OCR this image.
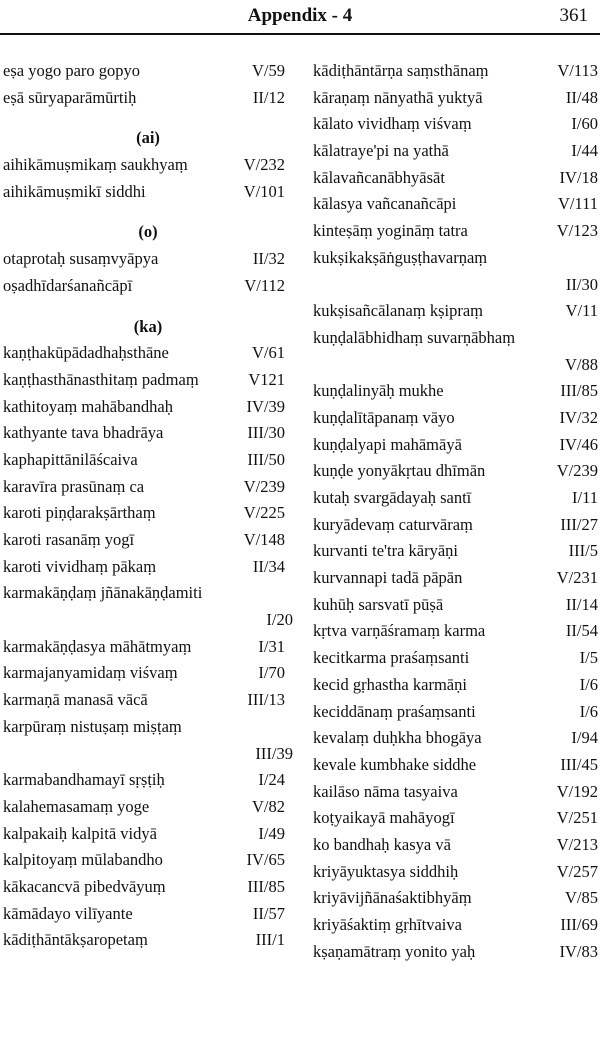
Appendix - 4	361
eṣa yogo paro gopyo	V/59
eṣā sūryaparāmūrtiḥ	II/12
(ai)
aihikāmuṣmikaṃ saukhyaṃ	V/232
aihikāmuṣmikī siddhi	V/101
(o)
otaprotaḥ susaṃvyāpya	II/32
oṣadhīdarśanañcāpī	V/112
(ka)
kaṇṭhakūpādadhaḥsthāne	V/61
kaṇṭhasthānasthitaṃ padmaṃ	V121
kathitoyaṃ mahābandhaḥ	IV/39
kathyante tava bhadrāya	III/30
kaphapittānilāścaiva	III/50
karavīra prasūnaṃ ca	V/239
karoti piṇḍarakṣārthaṃ	V/225
karoti rasanāṃ yogī	V/148
karoti vividhaṃ pākaṃ	II/34
karmakāṇḍaṃ jñānakāṇḍamiti
I/20
karmakāṇḍasya māhātmyaṃ	I/31
karmajanyamidaṃ viśvaṃ	I/70
karmaṇā manasā vācā	III/13
karpūraṃ nistuṣaṃ miṣṭaṃ
III/39
karmabandhamayī sṛṣṭiḥ	I/24
kalahemasamaṃ yoge	V/82
kalpakaiḥ kalpitā vidyā	I/49
kalpitoyaṃ mūlabandho	IV/65
kākacancvā pibedvāyuṃ	III/85
kāmādayo vilīyante	II/57
kādiṭhāntākṣaropetaṃ	III/1
kādiṭhāntārṇa saṃsthānaṃ	V/113
kāraṇaṃ nānyathā yuktyā	II/48
kālato vividhaṃ viśvaṃ	I/60
kālatraye'pi na yathā	I/44
kālavañcanābhyāsāt	IV/18
kālasya vañcanañcāpi	V/111
kinteṣāṃ yogināṃ tatra	V/123
kukṣikakṣāṅguṣṭhavarṇaṃ
II/30
kukṣisañcālanaṃ kṣipraṃ	V/11
kuṇḍalābhidhaṃ suvarṇābhaṃ
V/88
kuṇḍalinyāḥ mukhe	III/85
kuṇḍalītāpanaṃ vāyo	IV/32
kuṇḍalyapi mahāmāyā	IV/46
kuṇḍe yonyākṛtau dhīmān	V/239
kutaḥ svargādayaḥ santī	I/11
kuryādevaṃ caturvāraṃ	III/27
kurvanti te'tra kāryāṇi	III/5
kurvannapi tadā pāpān	V/231
kuhūḥ sarsvatī pūṣā	II/14
kṛtva varṇāśramaṃ karma	II/54
kecitkarma praśaṃsanti	I/5
kecid gṛhastha karmāṇi	I/6
keciddānaṃ praśaṃsanti	I/6
kevalaṃ duḥkha bhogāya	I/94
kevale kumbhake siddhe	III/45
kailāso nāma tasyaiva	V/192
koṭyaikayā mahāyogī	V/251
ko bandhaḥ kasya vā	V/213
kriyāyuktasya siddhiḥ	V/257
kriyāvijñānaśaktibhyāṃ	V/85
kriyāśaktiṃ gṛhītvaiva	III/69
kṣaṇamātraṃ yonito yaḥ	IV/83
